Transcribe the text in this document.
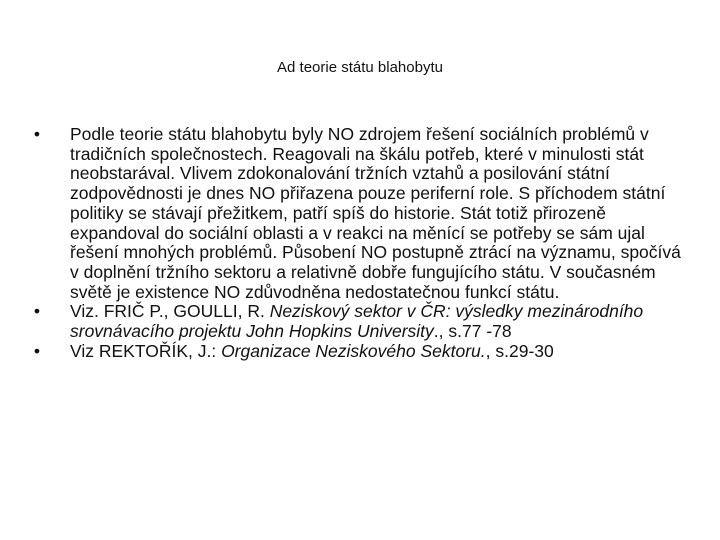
Ad teorie státu blahobytu
• Podle teorie státu blahobytu byly NO zdrojem řešení sociálních problémů v tradičních společnostech. Reagovali na škálu potřeb, které v minulosti stát neobstarával. Vlivem zdokonalování tržních vztahů a posilování státní zodpovědnosti je dnes NO přiřazena pouze periferní role. S příchodem státní politiky se stávají přežitkem, patří spíš do historie. Stát totiž přirozeně expandoval do sociální oblasti a v reakci na měnící se potřeby se sám ujal řešení mnohých problémů. Působení NO postupně ztrácí na významu, spočívá v doplnění tržního sektoru a relativně dobře fungujícího státu. V současném světě je existence NO zdůvodněna nedostatečnou funkcí státu.
• Viz. FRIČ P., GOULLI, R. Neziskový sektor v ČR: výsledky mezinárodního srovnávacího projektu John Hopkins University., s.77 -78
• Viz REKTOŘÍK, J.: Organizace Neziskového Sektoru., s.29-30
